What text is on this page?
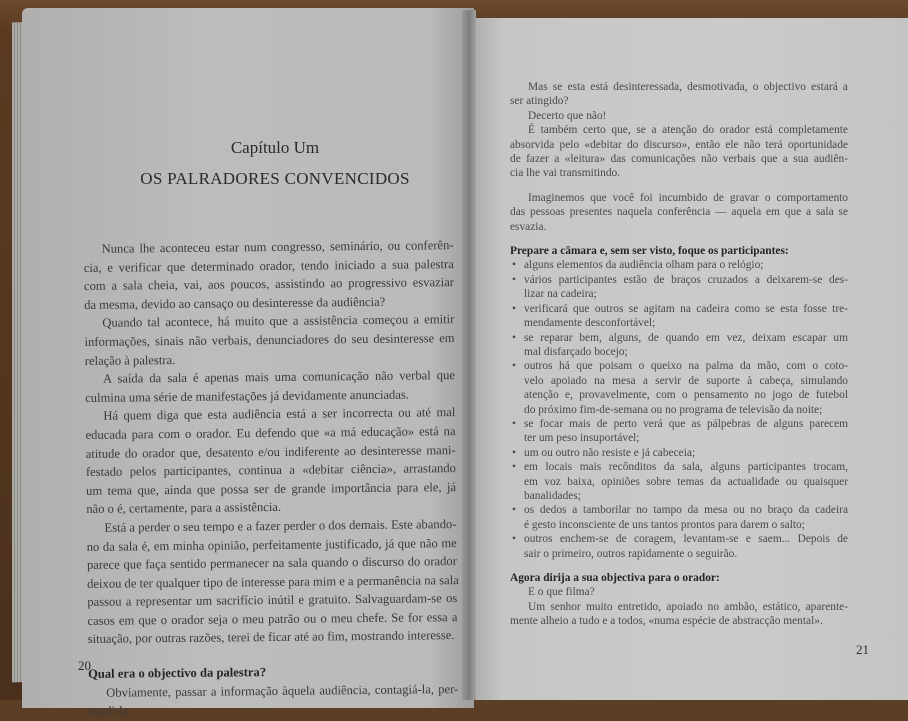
Capítulo Um
OS PALRADORES CONVENCIDOS
Nunca lhe aconteceu estar num congresso, seminário, ou conferên-
cia, e verificar que determinado orador, tendo iniciado a sua palestra
com a sala cheia, vai, aos poucos, assistindo ao progressivo esvaziar
da mesma, devido ao cansaço ou desinteresse da audiência?
Quando tal acontece, há muito que a assistência começou a emitir
informações, sinais não verbais, denunciadores do seu desinteresse em
relação à palestra.
A saída da sala é apenas mais uma comunicação não verbal que
culmina uma série de manifestações já devidamente anunciadas.
Há quem diga que esta audiência está a ser incorrecta ou até mal
educada para com o orador. Eu defendo que «a má educação» está na
atitude do orador que, desatento e/ou indiferente ao desinteresse mani-
festado pelos participantes, continua a «debitar ciência», arrastando
um tema que, ainda que possa ser de grande importância para ele, já
não o é, certamente, para a assistência.
Está a perder o seu tempo e a fazer perder o dos demais. Este abando-
no da sala é, em minha opinião, perfeitamente justificado, já que não me
parece que faça sentido permanecer na sala quando o discurso do orador
deixou de ter qualquer tipo de interesse para mim e a permanência na sala
passou a representar um sacrifício inútil e gratuito. Salvaguardam-se os
casos em que o orador seja o meu patrão ou o meu chefe. Se for essa a
situação, por outras razões, terei de ficar até ao fim, mostrando interesse.
Qual era o objectivo da palestra?
Obviamente, passar a informação àquela audiência, contagiá-la, per-
suadi-la.
Mas se esta está desinteressada, desmotivada, o objectivo estará a
ser atingido?
Decerto que não!
É também certo que, se a atenção do orador está completamente
absorvida pelo «debitar do discurso», então ele não terá oportunidade
de fazer a «leitura» das comunicações não verbais que a sua audiên-
cia lhe vai transmitindo.
Imaginemos que você foi incumbido de gravar o comportamento
das pessoas presentes naquela conferência — aquela em que a sala se
esvazia.
Prepare a câmara e, sem ser visto, foque os participantes:
• alguns elementos da audiência olham para o relógio;
• vários participantes estão de braços cruzados a deixarem-se des-
lizar na cadeira;
• verificará que outros se agitam na cadeira como se esta fosse tre-
mendamente desconfortável;
• se reparar bem, alguns, de quando em vez, deixam escapar um
mal disfarçado bocejo;
• outros há que poisam o queixo na palma da mão, com o coto-
velo apoiado na mesa a servir de suporte à cabeça, simulando
atenção e, provavelmente, com o pensamento no jogo de futebol
do próximo fim-de-semana ou no programa de televisão da noite;
• se focar mais de perto verá que as pálpebras de alguns parecem
ter um peso insuportável;
• um ou outro não resiste e já cabeceia;
• em locais mais recônditos da sala, alguns participantes trocam,
em voz baixa, opiniões sobre temas da actualidade ou quaisquer
banalidades;
• os dedos a tamborilar no tampo da mesa ou no braço da cadeira
é gesto inconsciente de uns tantos prontos para darem o salto;
• outros enchem-se de coragem, levantam-se e saem... Depois de
sair o primeiro, outros rapidamente o seguirão.
Agora dirija a sua objectiva para o orador:
E o que filma?
Um senhor muito entretido, apoiado no ambão, estático, aparente-
mente alheio a tudo e a todos, «numa espécie de abstracção mental».
20
21
